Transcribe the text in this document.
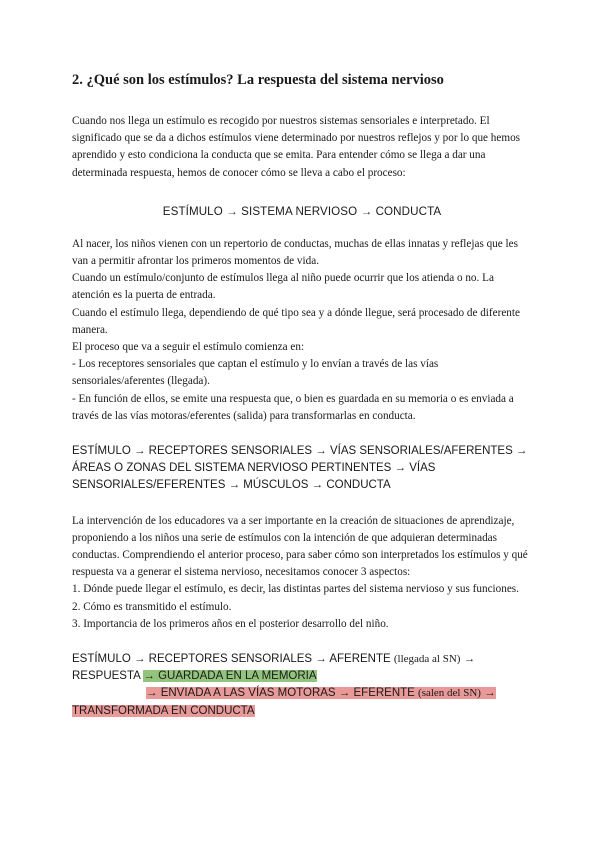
2. ¿Qué son los estímulos? La respuesta del sistema nervioso

Cuando nos llega un estímulo es recogido por nuestros sistemas sensoriales e interpretado. El significado que se da a dichos estímulos viene determinado por nuestros reflejos y por lo que hemos aprendido y esto condiciona la conducta que se emita. Para entender cómo se llega a dar una determinada respuesta, hemos de conocer cómo se lleva a cabo el proceso:

ESTÍMULO → SISTEMA NERVIOSO → CONDUCTA

Al nacer, los niños vienen con un repertorio de conductas, muchas de ellas innatas y reflejas que les van a permitir afrontar los primeros momentos de vida.
Cuando un estímulo/conjunto de estímulos llega al niño puede ocurrir que los atienda o no. La atención es la puerta de entrada.
Cuando el estímulo llega, dependiendo de qué tipo sea y a dónde llegue, será procesado de diferente manera.
El proceso que va a seguir el estímulo comienza en:
- Los receptores sensoriales que captan el estímulo y lo envían a través de las vías sensoriales/aferentes (llegada).
- En función de ellos, se emite una respuesta que, o bien es guardada en su memoria o es enviada a través de las vías motoras/eferentes (salida) para transformarlas en conducta.

ESTÍMULO → RECEPTORES SENSORIALES → VÍAS SENSORIALES/AFERENTES → ÁREAS O ZONAS DEL SISTEMA NERVIOSO PERTINENTES → VÍAS SENSORIALES/EFERENTES → MÚSCULOS → CONDUCTA

La intervención de los educadores va a ser importante en la creación de situaciones de aprendizaje, proponiendo a los niños una serie de estímulos con la intención de que adquieran determinadas conductas. Comprendiendo el anterior proceso, para saber cómo son interpretados los estímulos y qué respuesta va a generar el sistema nervioso, necesitamos conocer 3 aspectos:
1. Dónde puede llegar el estímulo, es decir, las distintas partes del sistema nervioso y sus funciones.
2. Cómo es transmitido el estímulo.
3. Importancia de los primeros años en el posterior desarrollo del niño.
ESTÍMULO → RECEPTORES SENSORIALES → AFERENTE (llegada al SN) →
RESPUESTA → GUARDADA EN LA MEMORIA
→ ENVIADA A LAS VÍAS MOTORAS → EFERENTE (salen del SN) →
TRANSFORMADA EN CONDUCTA
